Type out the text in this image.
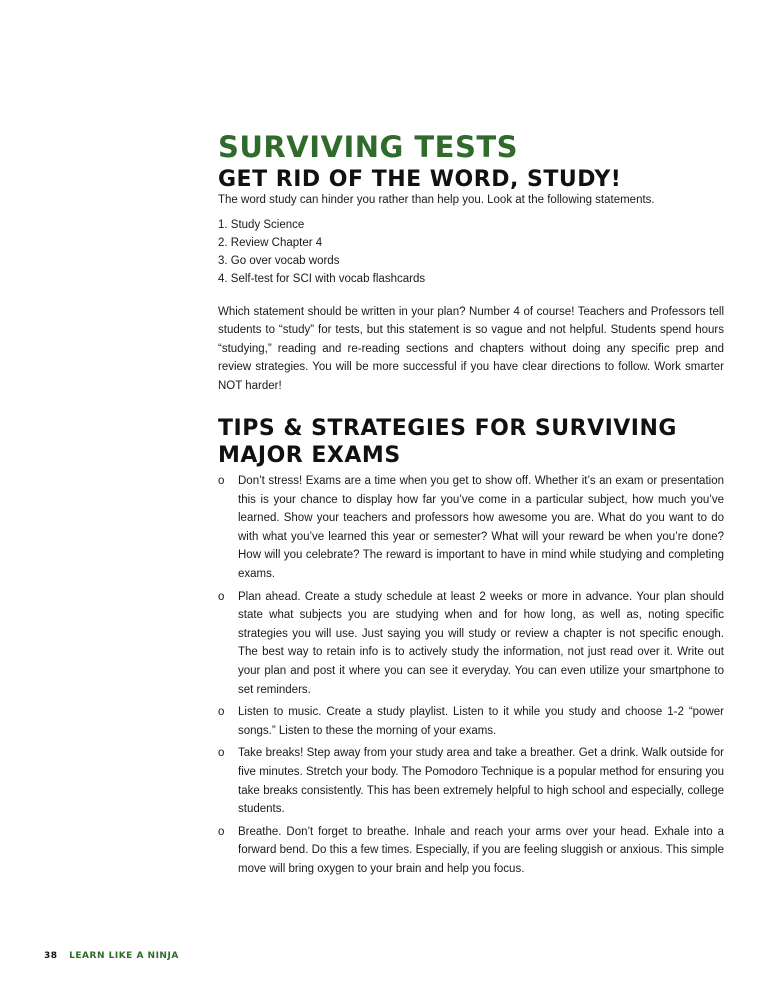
SURVIVING TESTS
GET RID OF THE WORD, STUDY!

The word study can hinder you rather than help you. Look at the following statements.

1. Study Science
2. Review Chapter 4
3. Go over vocab words
4. Self-test for SCI with vocab flashcards

Which statement should be written in your plan? Number 4 of course! Teachers and Professors tell students to “study” for tests, but this statement is so vague and not helpful. Students spend hours “studying,” reading and re-reading sections and chapters without doing any specific prep and review strategies. You will be more successful if you have clear directions to follow. Work smarter NOT harder!

TIPS & STRATEGIES FOR SURVIVING MAJOR EXAMS
o Don’t stress! Exams are a time when you get to show off. Whether it’s an exam or presentation this is your chance to display how far you’ve come in a particular subject, how much you’ve learned. Show your teachers and professors how awesome you are. What do you want to do with what you’ve learned this year or semester? What will your reward be when you’re done? How will you celebrate? The reward is important to have in mind while studying and completing exams.
o Plan ahead. Create a study schedule at least 2 weeks or more in advance. Your plan should state what subjects you are studying when and for how long, as well as, noting specific strategies you will use. Just saying you will study or review a chapter is not specific enough. The best way to retain info is to actively study the information, not just read over it. Write out your plan and post it where you can see it everyday. You can even utilize your smartphone to set reminders.
o Listen to music. Create a study playlist. Listen to it while you study and choose 1-2 “power songs.” Listen to these the morning of your exams.
o Take breaks! Step away from your study area and take a breather. Get a drink. Walk outside for five minutes. Stretch your body. The Pomodoro Technique is a popular method for ensuring you take breaks consistently. This has been extremely helpful to high school and especially, college students.
o Breathe. Don’t forget to breathe. Inhale and reach your arms over your head. Exhale into a forward bend. Do this a few times. Especially, if you are feeling sluggish or anxious. This simple move will bring oxygen to your brain and help you focus.
38 LEARN LIKE A NINJA
